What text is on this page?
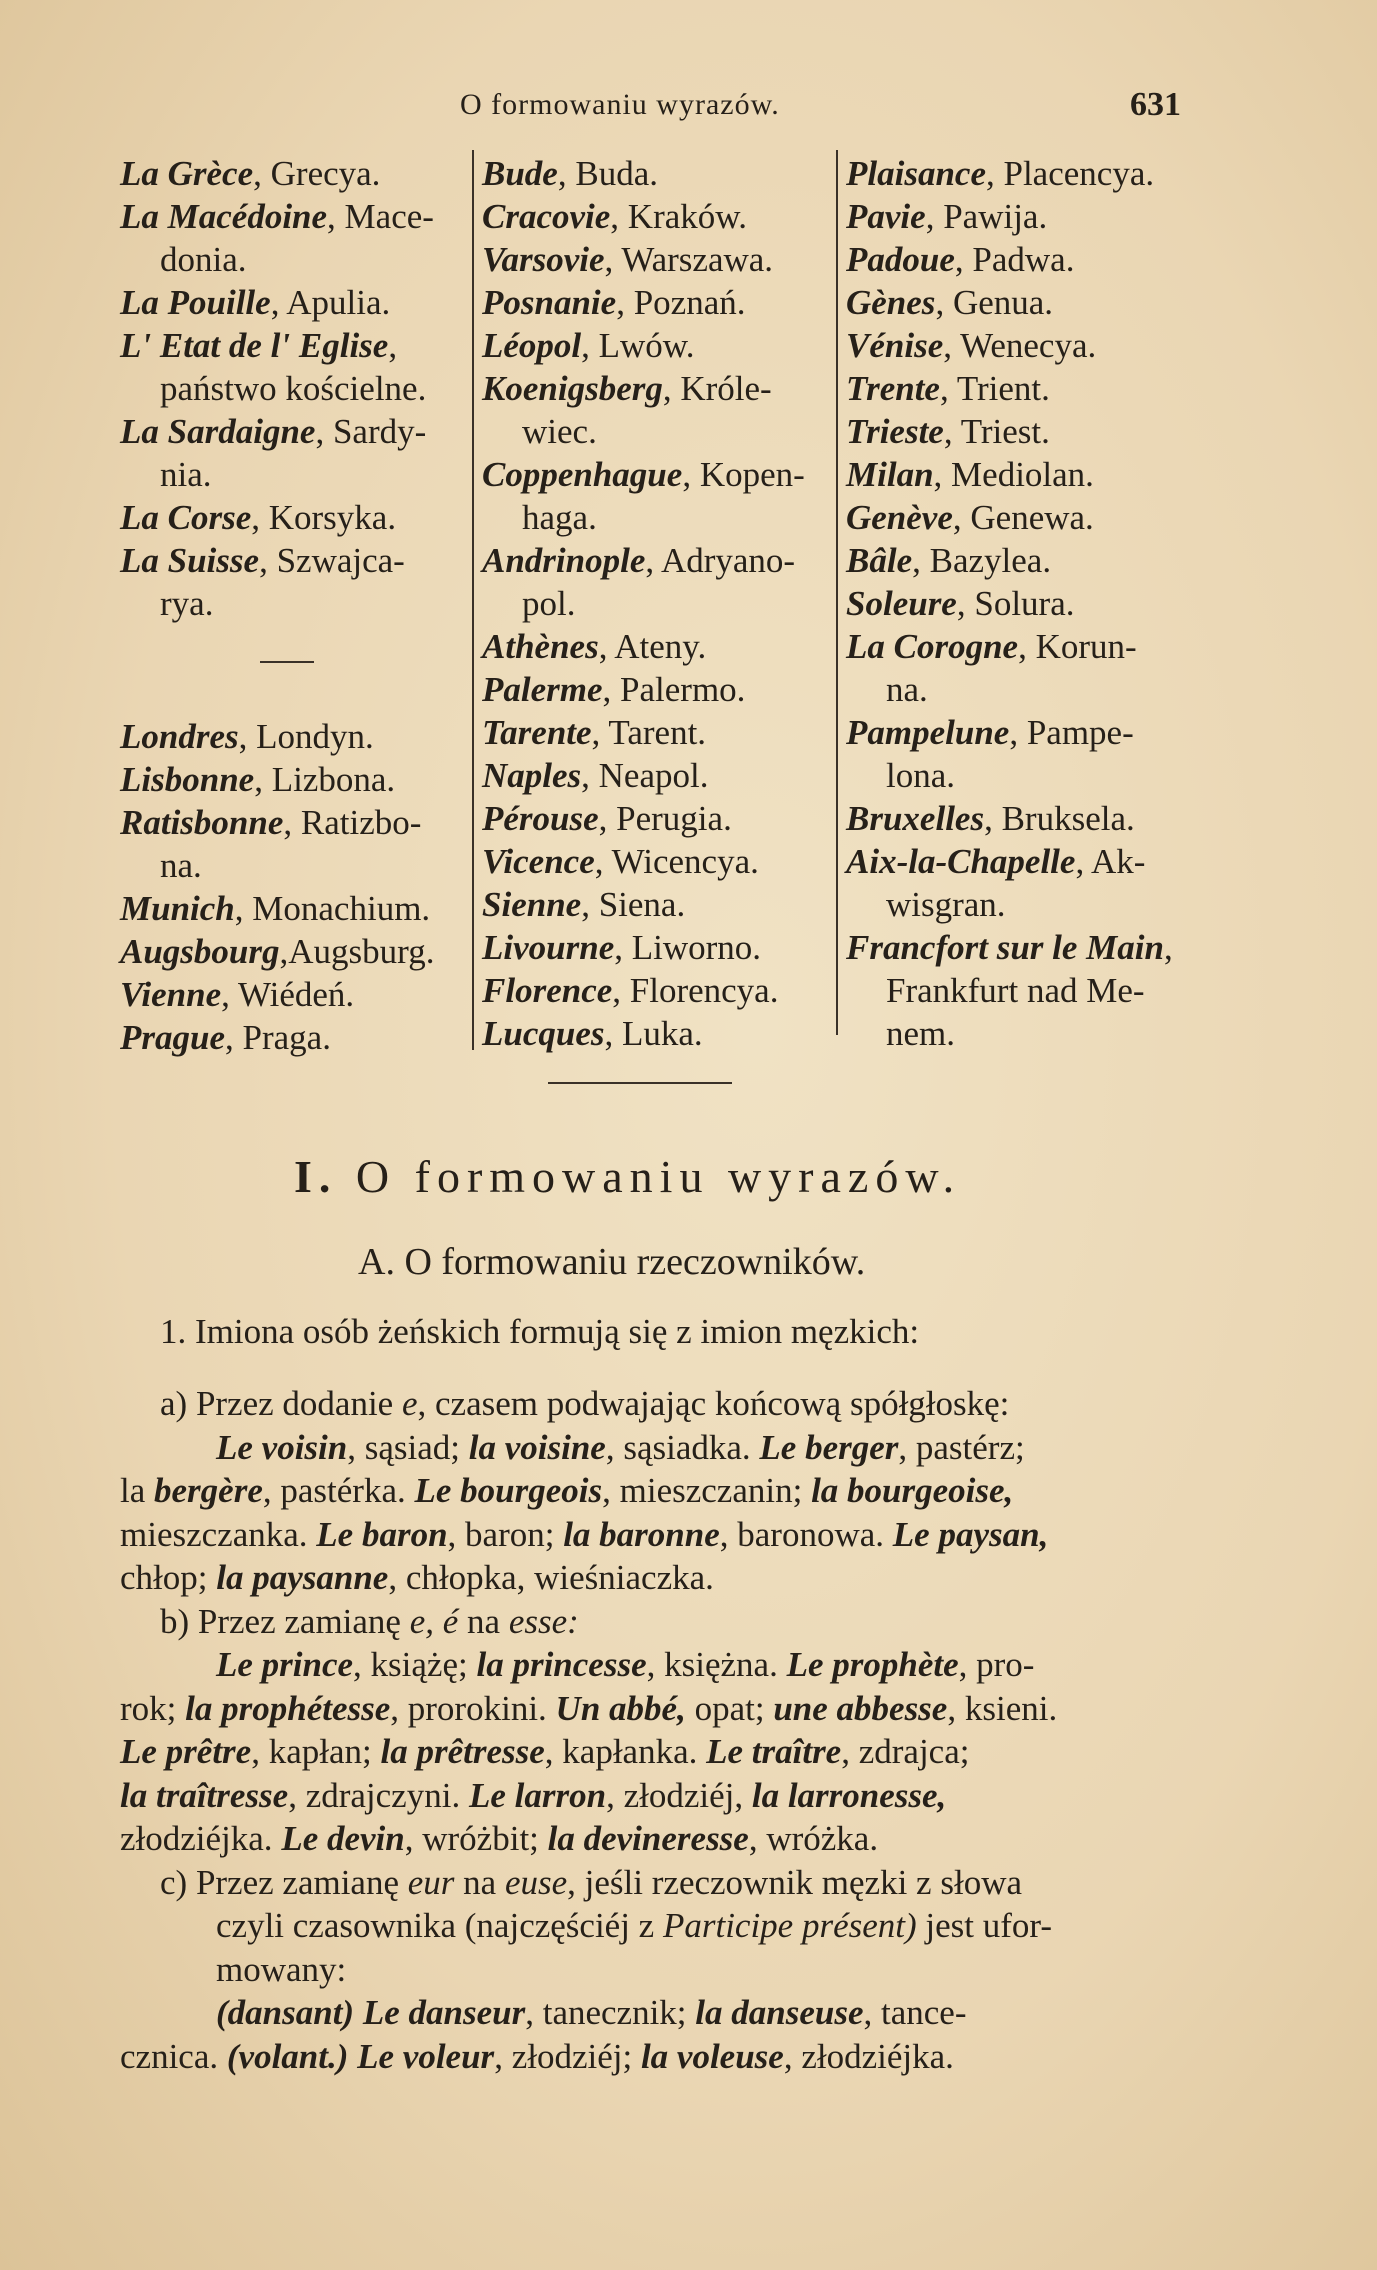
O formowaniu wyrazów.	631
La Grèce, Grecya.
La Macédoine, Mace-
donia.
La Pouille, Apulia.
L' Etat de l' Eglise,
państwo kościelne.
La Sardaigne, Sardy-
nia.
La Corse, Korsyka.
La Suisse, Szwajca-
rya.
Londres, Londyn.
Lisbonne, Lizbona.
Ratisbonne, Ratizbo-
na.
Munich, Monachium.
Augsbourg,Augsburg.
Vienne, Wiédeń.
Prague, Praga.
Bude, Buda.
Cracovie, Kraków.
Varsovie, Warszawa.
Posnanie, Poznań.
Léopol, Lwów.
Koenigsberg, Króle-
wiec.
Coppenhague, Kopen-
haga.
Andrinople, Adryano-
pol.
Athènes, Ateny.
Palerme, Palermo.
Tarente, Tarent.
Naples, Neapol.
Pérouse, Perugia.
Vicence, Wicencya.
Sienne, Siena.
Livourne, Liworno.
Florence, Florencya.
Lucques, Luka.
Plaisance, Placencya.
Pavie, Pawija.
Padoue, Padwa.
Gènes, Genua.
Vénise, Wenecya.
Trente, Trient.
Trieste, Triest.
Milan, Mediolan.
Genève, Genewa.
Bâle, Bazylea.
Soleure, Solura.
La Corogne, Korun-
na.
Pampelune, Pampe-
lona.
Bruxelles, Bruksela.
Aix-la-Chapelle, Ak-
wisgran.
Francfort sur le Main,
Frankfurt nad Me-
nem.
I. O formowaniu wyrazów.
A. O formowaniu rzeczowników.
1. Imiona osób żeńskich formują się z imion męzkich:
a) Przez dodanie e, czasem podwajając końcową spółgłoskę:
Le voisin, sąsiad; la voisine, sąsiadka. Le berger, pastérz;
la bergère, pastérka. Le bourgeois, mieszczanin; la bourgeoise,
mieszczanka. Le baron, baron; la baronne, baronowa. Le paysan,
chłop; la paysanne, chłopka, wieśniaczka.
b) Przez zamianę e, é na esse:
Le prince, książę; la princesse, księżna. Le prophète, pro-
rok; la prophétesse, prorokini. Un abbé, opat; une abbesse, ksieni.
Le prêtre, kapłan; la prêtresse, kapłanka. Le traître, zdrajca;
la traîtresse, zdrajczyni. Le larron, złodziéj, la larronesse,
złodziéjka. Le devin, wróżbit; la devineresse, wróżka.
c) Przez zamianę eur na euse, jeśli rzeczownik męzki z słowa
czyli czasownika (najczęściéj z Participe présent) jest ufor-
mowany:
(dansant) Le danseur, tanecznik; la danseuse, tance-
cznica. (volant.) Le voleur, złodziéj; la voleuse, złodziéjka.
